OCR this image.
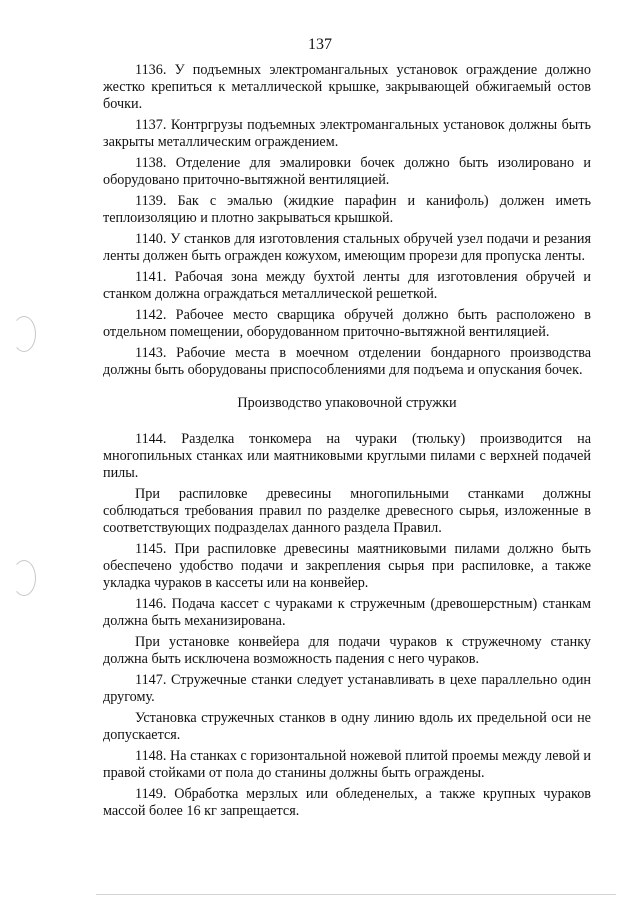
137

1136. У подъемных электромангальных установок ограждение должно жестко крепиться к металлической крышке, закрывающей обжигаемый остов бочки.

1137. Контргрузы подъемных электромангальных установок должны быть закрыты металлическим ограждением.

1138. Отделение для эмалировки бочек должно быть изолировано и оборудовано приточно-вытяжной вентиляцией.

1139. Бак с эмалью (жидкие парафин и канифоль) должен иметь теплоизоляцию и плотно закрываться крышкой.

1140. У станков для изготовления стальных обручей узел подачи и резания ленты должен быть огражден кожухом, имеющим прорези для пропуска ленты.

1141. Рабочая зона между бухтой ленты для изготовления обручей и станком должна ограждаться металлической решеткой.

1142. Рабочее место сварщика обручей должно быть расположено в отдельном помещении, оборудованном приточно-вытяжной вентиляцией.

1143. Рабочие места в моечном отделении бондарного производства должны быть оборудованы приспособлениями для подъема и опускания бочек.

Производство упаковочной стружки

1144. Разделка тонкомера на чураки (тюльку) производится на многопильных станках или маятниковыми круглыми пилами с верхней подачей пилы.

При распиловке древесины многопильными станками должны соблюдаться требования правил по разделке древесного сырья, изложенные в соответствующих подразделах данного раздела Правил.

1145. При распиловке древесины маятниковыми пилами должно быть обеспечено удобство подачи и закрепления сырья при распиловке, а также укладка чураков в кассеты или на конвейер.

1146. Подача кассет с чураками к стружечным (древошерстным) станкам должна быть механизирована.

При установке конвейера для подачи чураков к стружечному станку должна быть исключена возможность падения с него чураков.

1147. Стружечные станки следует устанавливать в цехе параллельно один другому.

Установка стружечных станков в одну линию вдоль их предельной оси не допускается.

1148. На станках с горизонтальной ножевой плитой проемы между левой и правой стойками от пола до станины должны быть ограждены.

1149. Обработка мерзлых или обледенелых, а также крупных чураков массой более 16 кг запрещается.
